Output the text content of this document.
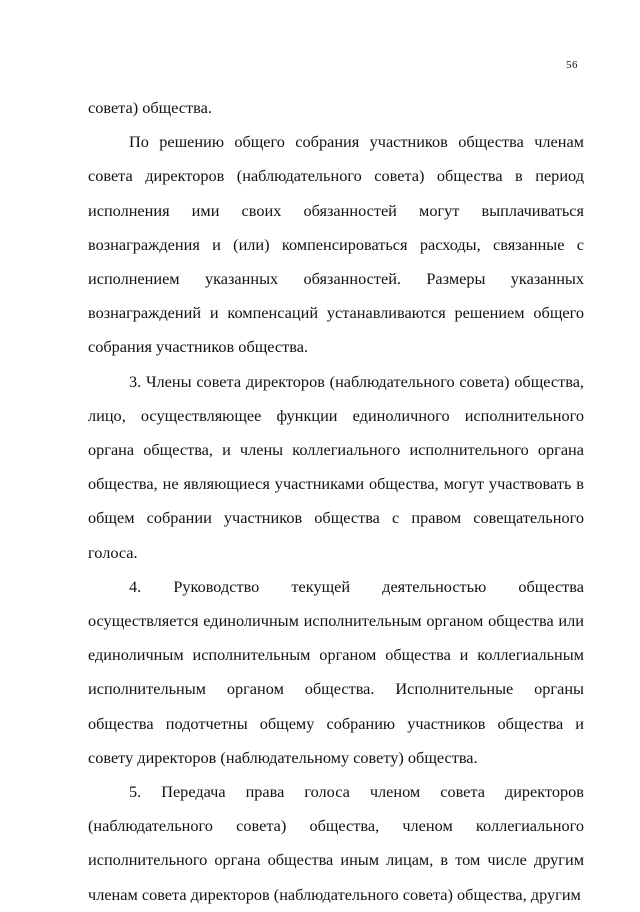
56

совета) общества.

По решению общего собрания участников общества членам совета директоров (наблюдательного совета) общества в период исполнения ими своих обязанностей могут выплачиваться вознаграждения и (или) компенсироваться расходы, связанные с исполнением указанных обязанностей. Размеры указанных вознаграждений и компенсаций устанавливаются решением общего собрания участников общества.

3. Члены совета директоров (наблюдательного совета) общества, лицо, осуществляющее функции единоличного исполнительного органа общества, и члены коллегиального исполнительного органа общества, не являющиеся участниками общества, могут участвовать в общем собрании участников общества с правом совещательного голоса.

4. Руководство текущей деятельностью общества осуществляется единоличным исполнительным органом общества или единоличным исполнительным органом общества и коллегиальным исполнительным органом общества. Исполнительные органы общества подотчетны общему собранию участников общества и совету директоров (наблюдательному совету) общества.

5. Передача права голоса членом совета директоров (наблюдательного совета) общества, членом коллегиального исполнительного органа общества иным лицам, в том числе другим членам совета директоров (наблюдательного совета) общества, другим
